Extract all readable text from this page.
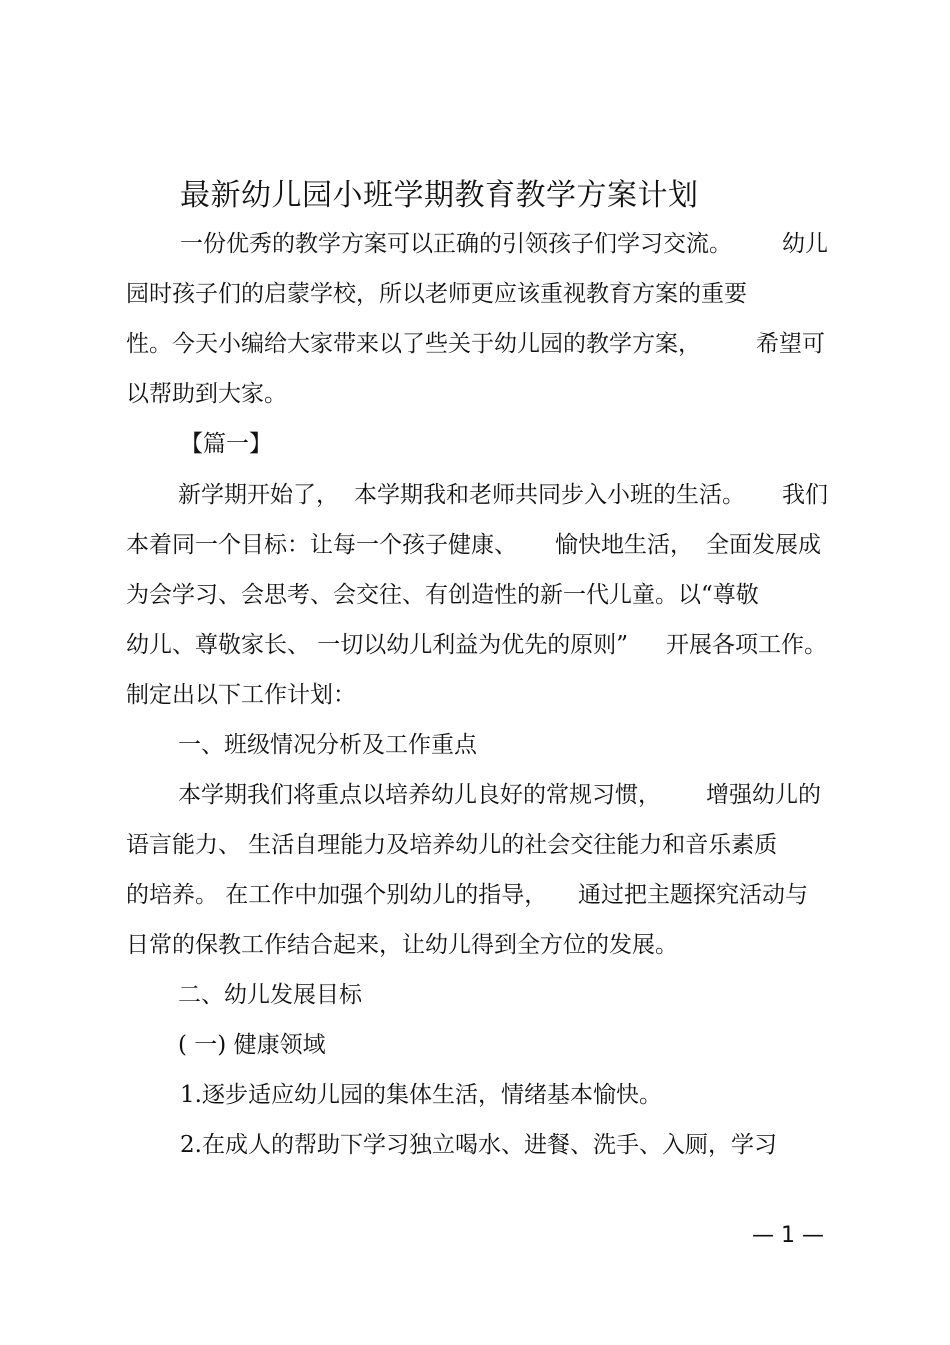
最新幼儿园小班学期教育教学方案计划
一份优秀的教学方案可以正确的引领孩子们学习交流。 幼儿
园时孩子们的启蒙学校，所以老师更应该重视教育方案的重要
性。今天小编给大家带来以了些关于幼儿园的教学方案， 希望可
以帮助到大家。
【篇一】
新学期开始了， 本学期我和老师共同步入小班的生活。 我们
本着同一个目标：让每一个孩子健康、 愉快地生活， 全面发展成
为会学习、会思考、会交往、有创造性的新一代儿童。以“尊敬
幼儿、尊敬家长、 一切以幼儿利益为优先的原则” 开展各项工作。
制定出以下工作计划：
一、班级情况分析及工作重点
本学期我们将重点以培养幼儿良好的常规习惯， 增强幼儿的
语言能力、 生活自理能力及培养幼儿的社会交往能力和音乐素质
的培养。 在工作中加强个别幼儿的指导， 通过把主题探究活动与
日常的保教工作结合起来，让幼儿得到全方位的发展。
二、幼儿发展目标
( 一) 健康领域
1.逐步适应幼儿园的集体生活，情绪基本愉快。
2.在成人的帮助下学习独立喝水、进餐、洗手、入厕，学习
— 1 —
